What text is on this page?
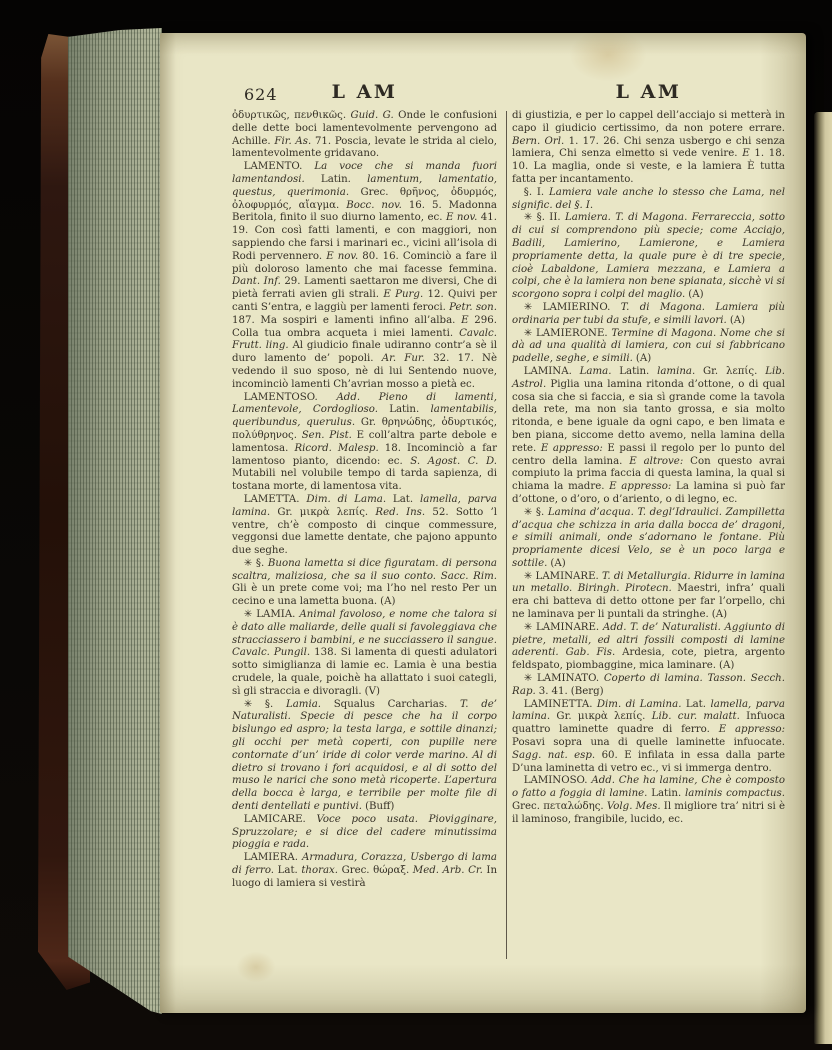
624	L AM	L AM

ὀδυρτικῶς, πενθικῶς. Guid. G. Onde le confusioni delle dette boci lamentevolmente pervengono ad Achille. Fir. As. 71. Poscia, levate le strida al cielo, lamentevolmente gridavano.

LAMENTO. La voce che si manda fuori lamentandosi. Latin. lamentum, lamentatio, questus, querimonia. Grec. θρῆνος, ὀδυρμός, ὀλοφυρμός, αἴαγμα. Bocc. nov. 16. 5. Madonna Beritola, finito il suo diurno lamento, ec. E nov. 41. 19. Con così fatti lamenti, e con maggiori, non sappiendo che farsi i marinari ec., vicini all’isola di Rodi pervennero. E nov. 80. 16. Cominciò a fare il più doloroso lamento che mai facesse femmina. Dant. Inf. 29. Lamenti saettaron me diversi, Che di pietà ferrati avien gli strali. E Purg. 12. Quivi per canti S’entra, e laggiù per lamenti feroci. Petr. son. 187. Ma sospiri e lamenti infino all’alba. E 296. Colla tua ombra acqueta i miei lamenti. Cavalc. Frutt. ling. Al giudicio finale udiranno contr’a sè il duro lamento de’ popoli. Ar. Fur. 32. 17. Nè vedendo il suo sposo, nè di lui Sentendo nuove, incominciò lamenti Ch’avrian mosso a pietà ec.

LAMENTOSO. Add. Pieno di lamenti, Lamentevole, Cordoglioso. Latin. lamentabilis, queribundus, querulus. Gr. θρηνώδης, ὀδυρτικός, πολύθρηνος. Sen. Pist. E coll’altra parte debole e lamentosa. Ricord. Malesp. 18. Incominciò a far lamentoso pianto, dicendo: ec. S. Agost. C. D. Mutabili nel volubile tempo di tarda sapienza, di tostana morte, di lamentosa vita.

LAMETTA. Dim. di Lama. Lat. lamella, parva lamina. Gr. μικρὰ λεπίς. Red. Ins. 52. Sotto ’l ventre, ch’è composto di cinque commessure, veggonsi due lamette dentate, che pajono appunto due seghe.

✳ §. Buona lametta si dice figuratam. di persona scaltra, maliziosa, che sa il suo conto. Sacc. Rim. Gli è un prete come voi; ma l’ho nel resto Per un cecino e una lametta buona. (A)

✳ LAMIA. Animal favoloso, e nome che talora si è dato alle maliarde, delle quali si favoleggiava che stracciassero i bambini, e ne succiassero il sangue. Cavalc. Pungil. 138. Si lamenta di questi adulatori sotto simiglianza di lamie ec. Lamia è una bestia crudele, la quale, poichè ha allattato i suoi categli, sì gli straccia e divoragli. (V)

✳ §. Lamia. Squalus Carcharias. T. de’ Naturalisti. Specie di pesce che ha il corpo bislungo ed aspro; la testa larga, e sottile dinanzi; gli occhi per metà coperti, con pupille nere contornate d’un’ iride di color verde marino. Al di dietro si trovano i fori acquidosi, e al di sotto del muso le narici che sono metà ricoperte. L’apertura della bocca è larga, e terribile per molte file di denti dentellati e puntivi. (Buff)

LAMICARE. Voce poco usata. Piovigginare, Spruzzolare; e si dice del cadere minutissima pioggia e rada.

LAMIERA. Armadura, Corazza, Usbergo di lama di ferro. Lat. thorax. Grec. θώραξ. Med. Arb. Cr. In luogo di lamiera si vestirà

di giustizia, e per lo cappel dell’acciajo si metterà in capo il giudicio certissimo, da non potere errare. Bern. Orl. 1. 17. 26. Chi senza usbergo e chi senza lamiera, Chi senza elmetto si vede venire. E 1. 18. 10. La maglia, onde si veste, e la lamiera È tutta fatta per incantamento.

§. I. Lamiera vale anche lo stesso che Lama, nel signific. del §. I.

✳ §. II. Lamiera. T. di Magona. Ferrareccia, sotto di cui si comprendono più specie; come Acciajo, Badili, Lamierino, Lamierone, e Lamiera propriamente detta, la quale pure è di tre specie, cioè Labaldone, Lamiera mezzana, e Lamiera a colpi, che è la lamiera non bene spianata, sicchè vi si scorgono sopra i colpi del maglio. (A)

✳ LAMIERINO. T. di Magona. Lamiera più ordinaria per tubi da stufe, e simili lavori. (A)

✳ LAMIERONE. Termine di Magona. Nome che si dà ad una qualità di lamiera, con cui si fabbricano padelle, seghe, e simili. (A)

LAMINA. Lama. Latin. lamina. Gr. λεπίς. Lib. Astrol. Piglia una lamina ritonda d’ottone, o di qual cosa sia che si faccia, e sia sì grande come la tavola della rete, ma non sia tanto grossa, e sia molto ritonda, e bene iguale da ogni capo, e ben limata e ben piana, siccome detto avemo, nella lamina della rete. E appresso: E passi il regolo per lo punto del centro della lamina. E altrove: Con questo avrai compiuto la prima faccia di questa lamina, la qual si chiama la madre. E appresso: La lamina si può far d’ottone, o d’oro, o d’ariento, o di legno, ec.

✳ §. Lamina d’acqua. T. degl’Idraulici. Zampilletta d’acqua che schizza in aria dalla bocca de’ dragoni, e simili animali, onde s’adornano le fontane. Più propriamente dicesi Velo, se è un poco larga e sottile. (A)

✳ LAMINARE. T. di Metallurgia. Ridurre in lamina un metallo. Biringh. Pirotecn. Maestri, infra’ quali era chi batteva di detto ottone per far l’orpello, chi ne laminava per li puntali da stringhe. (A)

✳ LAMINARE. Add. T. de’ Naturalisti. Aggiunto di pietre, metalli, ed altri fossili composti di lamine aderenti. Gab. Fis. Ardesia, cote, pietra, argento feldspato, piombaggine, mica laminare. (A)

✳ LAMINATO. Coperto di lamina. Tasson. Secch. Rap. 3. 41. (Berg)

LAMINETTA. Dim. di Lamina. Lat. lamella, parva lamina. Gr. μικρὰ λεπίς. Lib. cur. malatt. Infuoca quattro laminette quadre di ferro. E appresso: Posavi sopra una di quelle laminette infuocate. Sagg. nat. esp. 60. E infilata in essa dalla parte D’una laminetta di vetro ec., vi si immerga dentro.

LAMINOSO. Add. Che ha lamine, Che è composto o fatto a foggia di lamine. Latin. laminis compactus. Grec. πεταλώδης. Volg. Mes. Il migliore tra’ nitri si è il laminoso, frangibile, lucido, ec.
